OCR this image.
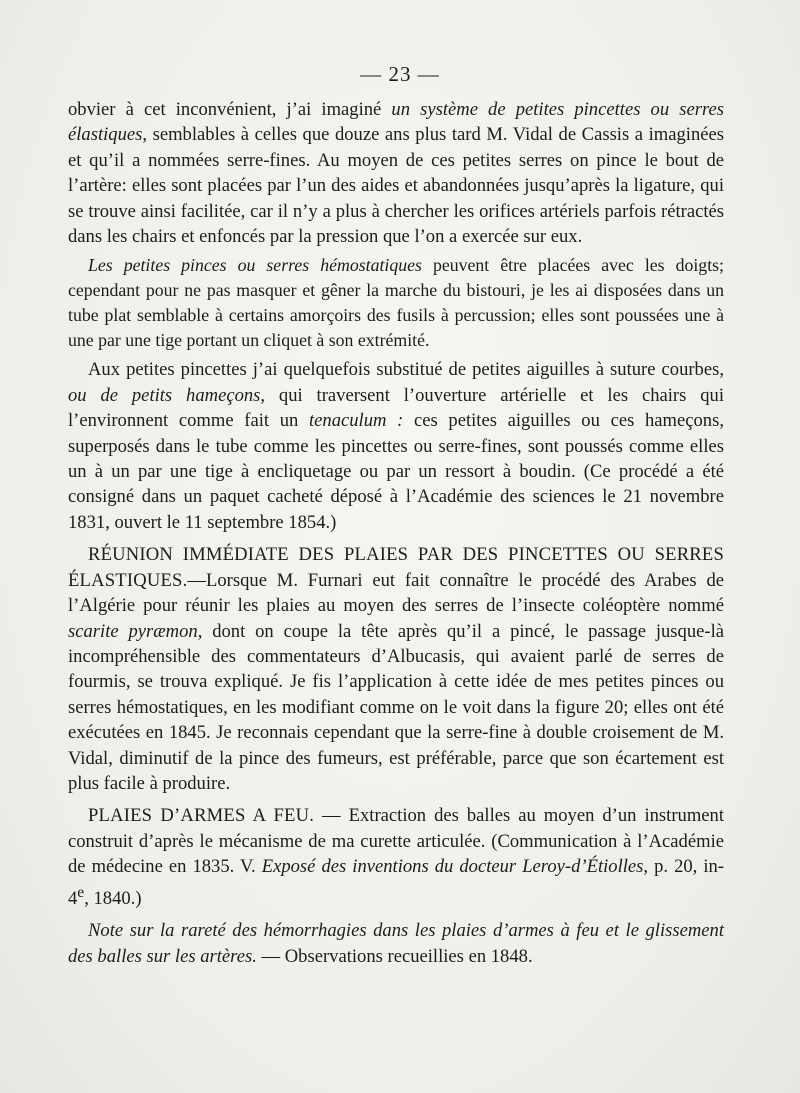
— 23 —

obvier à cet inconvénient, j’ai imaginé un système de petites pincettes ou serres élastiques, semblables à celles que douze ans plus tard M. Vidal de Cassis a imaginées et qu’il a nommées serre-fines. Au moyen de ces petites serres on pince le bout de l’artère: elles sont placées par l’un des aides et abandonnées jusqu’après la ligature, qui se trouve ainsi facilitée, car il n’y a plus à chercher les orifices artériels parfois rétractés dans les chairs et enfoncés par la pression que l’on a exercée sur eux.

Les petites pinces ou serres hémostatiques peuvent être placées avec les doigts; cependant pour ne pas masquer et gêner la marche du bistouri, je les ai disposées dans un tube plat semblable à certains amorçoirs des fusils à percussion; elles sont poussées une à une par une tige portant un cliquet à son extrémité.

Aux petites pincettes j’ai quelquefois substitué de petites aiguilles à suture courbes, ou de petits hameçons, qui traversent l’ouverture artérielle et les chairs qui l’environnent comme fait un tenaculum : ces petites aiguilles ou ces hameçons, superposés dans le tube comme les pincettes ou serre-fines, sont poussés comme elles un à un par une tige à encliquetage ou par un ressort à boudin. (Ce procédé a été consigné dans un paquet cacheté déposé à l’Académie des sciences le 21 novembre 1831, ouvert le 11 septembre 1854.)

RÉUNION IMMÉDIATE DES PLAIES PAR DES PINCETTES OU SERRES ÉLASTIQUES.—Lorsque M. Furnari eut fait connaître le procédé des Arabes de l’Algérie pour réunir les plaies au moyen des serres de l’insecte coléoptère nommé scarite pyræmon, dont on coupe la tête après qu’il a pincé, le passage jusque-là incompréhensible des commentateurs d’Albucasis, qui avaient parlé de serres de fourmis, se trouva expliqué. Je fis l’application à cette idée de mes petites pinces ou serres hémostatiques, en les modifiant comme on le voit dans la figure 20; elles ont été exécutées en 1845. Je reconnais cependant que la serre-fine à double croisement de M. Vidal, diminutif de la pince des fumeurs, est préférable, parce que son écartement est plus facile à produire.

PLAIES D’ARMES A FEU. — Extraction des balles au moyen d’un instrument construit d’après le mécanisme de ma curette articulée. (Communication à l’Académie de médecine en 1835. V. Exposé des inventions du docteur Leroy-d’Étiolles, p. 20, in-4e, 1840.)

Note sur la rareté des hémorrhagies dans les plaies d’armes à feu et le glissement des balles sur les artères. — Observations recueillies en 1848.
